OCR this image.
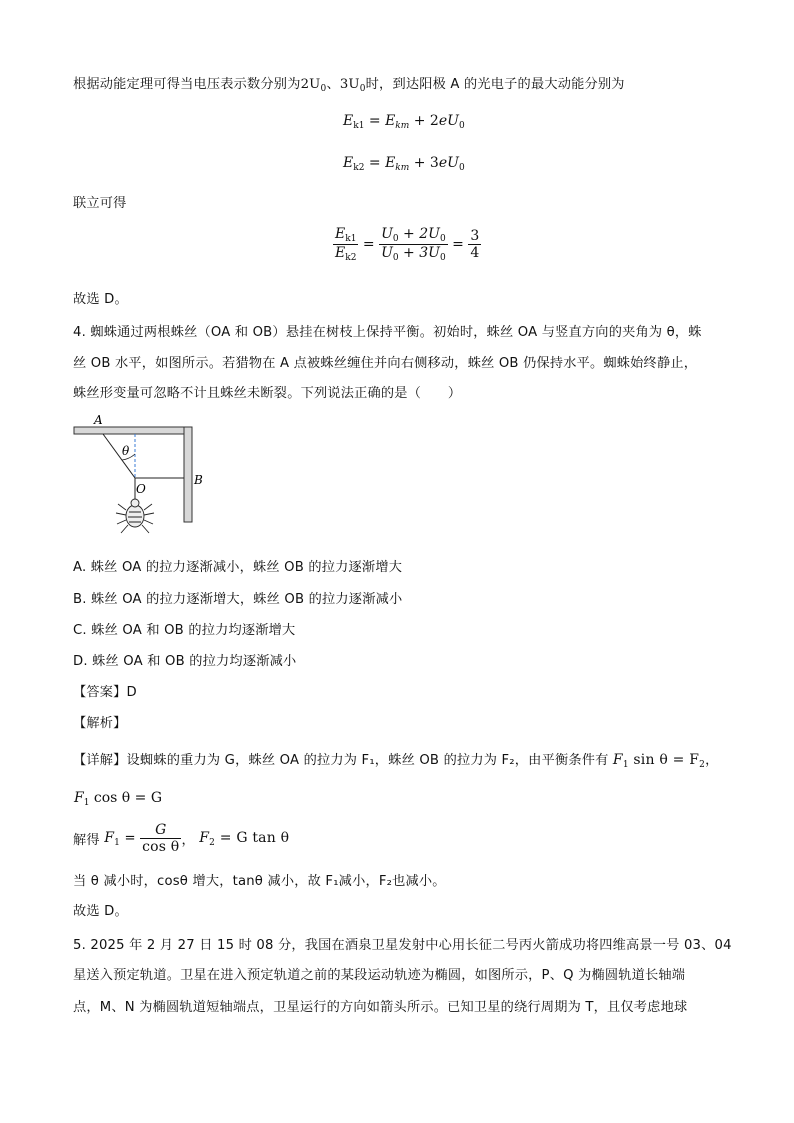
根据动能定理可得当电压表示数分别为$2U_0$、$3U_0$时，到达阳极 A 的光电子的最大动能分别为
$E_{k1} = E_{km} + 2eU_0$
$E_{k2} = E_{km} + 3eU_0$
联立可得
$\frac{E_{k1}}{E_{k2}} = \frac{U_0 + 2U_0}{U_0 + 3U_0} = \frac{3}{4}$
故选 D。
4. 蜘蛛通过两根蛛丝（OA 和 OB）悬挂在树枝上保持平衡。初始时，蛛丝 OA 与竖直方向的夹角为 θ，蛛
丝 OB 水平，如图所示。若猎物在 A 点被蛛丝缠住并向右侧移动，蛛丝 OB 仍保持水平。蜘蛛始终静止，
蛛丝形变量可忽略不计且蛛丝未断裂。下列说法正确的是（　　）
A
θ
O
B
A. 蛛丝 OA 的拉力逐渐减小，蛛丝 OB 的拉力逐渐增大
B. 蛛丝 OA 的拉力逐渐增大，蛛丝 OB 的拉力逐渐减小
C. 蛛丝 OA 和 OB 的拉力均逐渐增大
D. 蛛丝 OA 和 OB 的拉力均逐渐减小
【答案】D
【解析】
【详解】设蜘蛛的重力为 G，蛛丝 OA 的拉力为 F₁，蛛丝 OB 的拉力为 F₂，由平衡条件有 $F_1$ $\sin \theta = F_2$，
$F_1$ cos θ = G
解得 $F_1 = \frac{G}{\text{cos θ}}$ ， $F_2 = G$ tan θ
当 θ 减小时，cosθ 增大，tanθ 减小，故 F₁减小，F₂也减小。
故选 D。
5. 2025 年 2 月 27 日 15 时 08 分，我国在酒泉卫星发射中心用长征二号丙火箭成功将四维高景一号 03、04
星送入预定轨道。卫星在进入预定轨道之前的某段运动轨迹为椭圆，如图所示，P、Q 为椭圆轨道长轴端
点，M、N 为椭圆轨道短轴端点，卫星运行的方向如箭头所示。已知卫星的绕行周期为 T，且仅考虑地球
